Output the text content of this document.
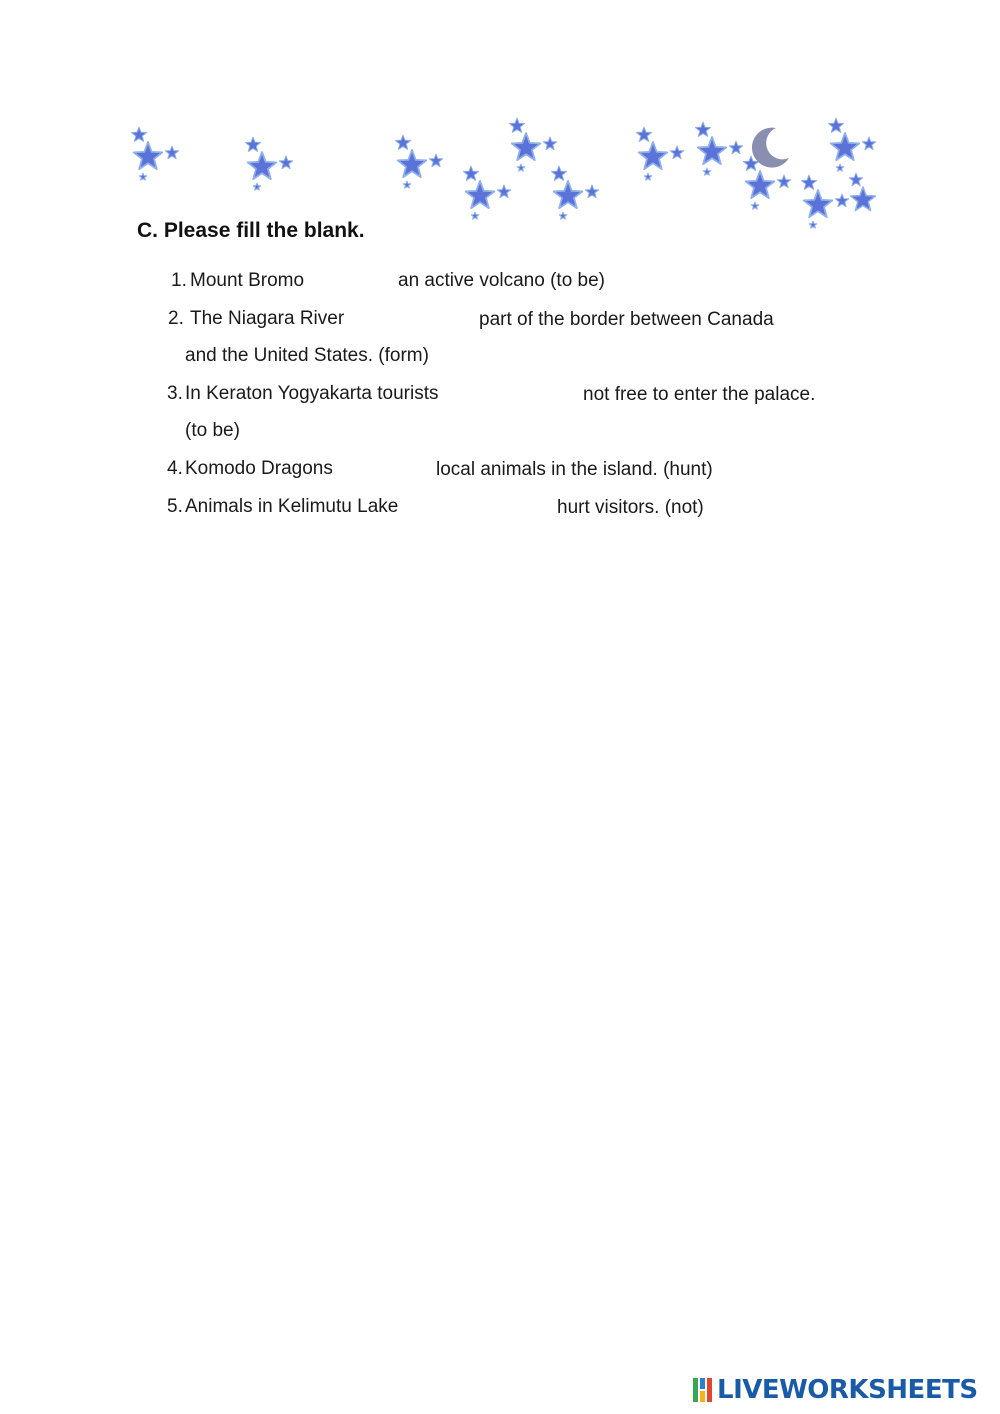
C. Please fill the blank.
1. Mount Bromo	an active volcano (to be)
2. The Niagara River	part of the border between Canada
and the United States. (form)
3. In Keraton Yogyakarta tourists	not free to enter the palace.
(to be)
4. Komodo Dragons	local animals in the island. (hunt)
5. Animals in Kelimutu Lake	hurt visitors. (not)
LIVEWORKSHEETS
